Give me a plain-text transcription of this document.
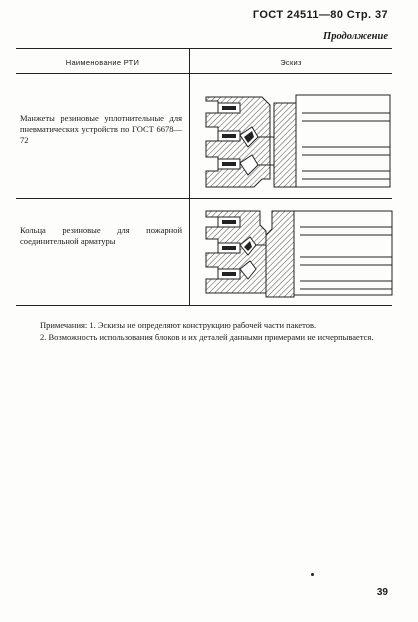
ГОСТ 24511—80 Стр. 37
Продолжение
Наименование РТИ	Эскиз
Манжеты резиновые уплотнительные для пневматических устройств по ГОСТ 6678—72
Кольца резиновые для пожарной соединительной арматуры

Примечания: 1. Эскизы не определяют конструкцию рабочей части пакетов.

2. Возможность использования блоков и их деталей данными примерами не исчерпывается.

39
